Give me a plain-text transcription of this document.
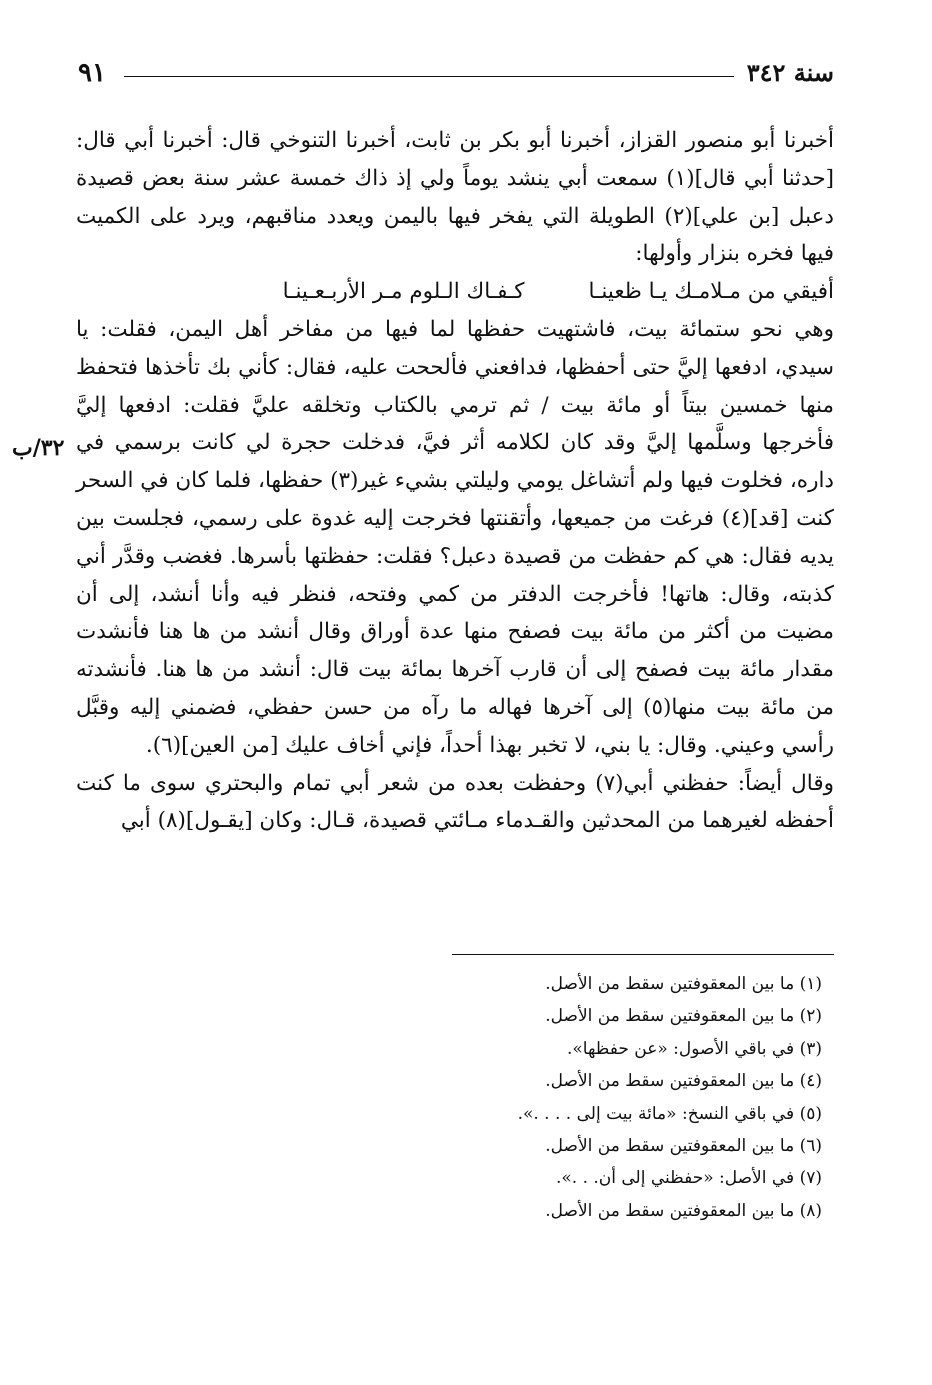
سنة ٣٤٢
٩١
٣٢/ب

أخبرنا أبو منصور القزاز، أخبرنا أبو بكر بن ثابت، أخبرنا التنوخي قال: أخبرنا أبي قال: [حدثنا أبي قال](١) سمعت أبي ينشد يوماً ولي إذ ذاك خمسة عشر سنة بعض قصيدة دعبل [بن علي](٢) الطويلة التي يفخر فيها باليمن ويعدد مناقبهم، ويرد على الكميت فيها فخره بنزار وأولها:

أفيقي من مـلامـك يـا ظعينـا
كـفـاك الـلوم مـر الأربـعـينـا

وهي نحو ستمائة بيت، فاشتهيت حفظها لما فيها من مفاخر أهل اليمن، فقلت: يا سيدي، ادفعها إليَّ حتى أحفظها، فدافعني فألححت عليه، فقال: كأني بك تأخذها فتحفظ منها خمسين بيتاً أو مائة بيت / ثم ترمي بالكتاب وتخلقه عليَّ فقلت: ادفعها إليَّ فأخرجها وسلَّمها إليَّ وقد كان لكلامه أثر فيَّ، فدخلت حجرة لي كانت برسمي في داره، فخلوت فيها ولم أتشاغل يومي وليلتي بشيء غير(٣) حفظها، فلما كان في السحر كنت [قد](٤) فرغت من جميعها، وأتقنتها فخرجت إليه غدوة على رسمي، فجلست بين يديه فقال: هي كم حفظت من قصيدة دعبل؟ فقلت: حفظتها بأسرها. فغضب وقدَّر أني كذبته، وقال: هاتها! فأخرجت الدفتر من كمي وفتحه، فنظر فيه وأنا أنشد، إلى أن مضيت من أكثر من مائة بيت فصفح منها عدة أوراق وقال أنشد من ها هنا فأنشدت مقدار مائة بيت فصفح إلى أن قارب آخرها بمائة بيت قال: أنشد من ها هنا. فأنشدته من مائة بيت منها(٥) إلى آخرها فهاله ما رآه من حسن حفظي، فضمني إليه وقبَّل رأسي وعيني. وقال: يا بني، لا تخبر بهذا أحداً، فإني أخاف عليك [من العين](٦).

وقال أيضاً: حفظني أبي(٧) وحفظت بعده من شعر أبي تمام والبحتري سوى ما كنت أحفظه لغيرهما من المحدثين والقـدماء مـائتي قصيدة، قـال: وكان [يقـول](٨) أبي

(١) ما بين المعقوفتين سقط من الأصل.
(٢) ما بين المعقوفتين سقط من الأصل.
(٣) في باقي الأصول: «عن حفظها».
(٤) ما بين المعقوفتين سقط من الأصل.
(٥) في باقي النسخ: «مائة بيت إلى . . . .».
(٦) ما بين المعقوفتين سقط من الأصل.
(٧) في الأصل: «حفظني إلى أن. . .».
(٨) ما بين المعقوفتين سقط من الأصل.
